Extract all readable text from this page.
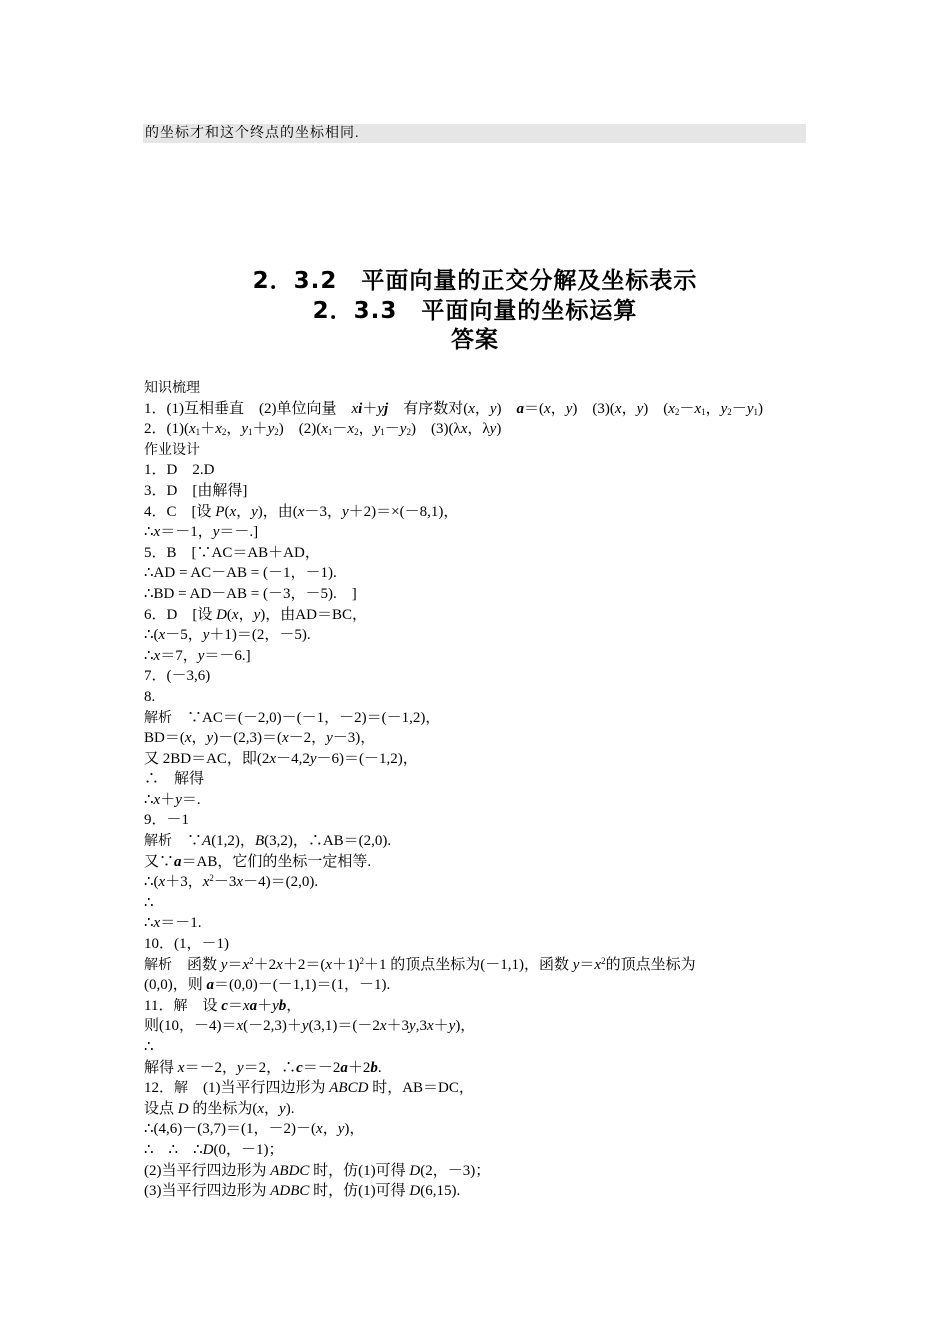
的坐标才和这个终点的坐标相同.
2．3.2　平面向量的正交分解及坐标表示
2．3.3　平面向量的坐标运算
答案
知识梳理
1．(1)互相垂直　(2)单位向量　xi＋yj　有序数对(x，y)　a＝(x，y)　(3)(x，y)　($x_2-x_1$，$y_2-y_1$)
2．$(1)(x_1+x_2$，$y_1+y_2$)　$(2)(x_1-x_2$，$y_1-y_2$)　(3)(λx，λy)
作业设计
1．D　2.D
3．D　[由解得]
4．C　[设 P(x，y)，由(x－3，y＋2)＝×(－8,1)，
∴x＝－1，y＝－.]
5．B　[∵AC＝AB＋AD，
∴AD = AC－AB = (－1，－1).
∴BD = AD－AB = (－3，－5).　]
6．D　[设 D(x，y)，由AD＝BC，
∴(x－5，y＋1)＝(2，－5).
∴x＝7，y＝－6.]
7．(－3,6)
8.
解析　∵AC＝(－2,0)－(－1，－2)＝(－1,2)，
BD＝(x，y)－(2,3)＝(x－2，y－3)，
又 2BD＝AC，即(2x－4,2y－6)＝(－1,2)，
∴　解得
∴x＋y＝.
9．－1
解析　∵A(1,2)，B(3,2)，∴AB＝(2,0).
又∵a＝AB，它们的坐标一定相等.
∴(x＋3，$x^2-3x-4)=(2,0)$.
∴
∴x＝－1.
10．(1，－1)
解析　函数 $y=x^2+2x+2=(x+1)^2+1$ 的顶点坐标为(－1,1)，函数 $y=x^2$的顶点坐标为
(0,0)，则 a＝(0,0)－(－1,1)＝(1，－1).
11．解　设 c＝xa＋yb，
则(10，－4)＝x(－2,3)＋y(3,1)＝(－2x＋3y,3x＋y)，
∴
解得 x＝－2，y＝2，∴c＝－2a＋2b.
12．解　(1)当平行四边形为 ABCD 时，AB＝DC，
设点 D 的坐标为(x，y).
∴(4,6)－(3,7)＝(1，－2)－(x，y)，
∴　∴　∴D(0，－1)；
(2)当平行四边形为 ABDC 时，仿(1)可得 D(2，－3)；
(3)当平行四边形为 ADBC 时，仿(1)可得 D(6,15).
